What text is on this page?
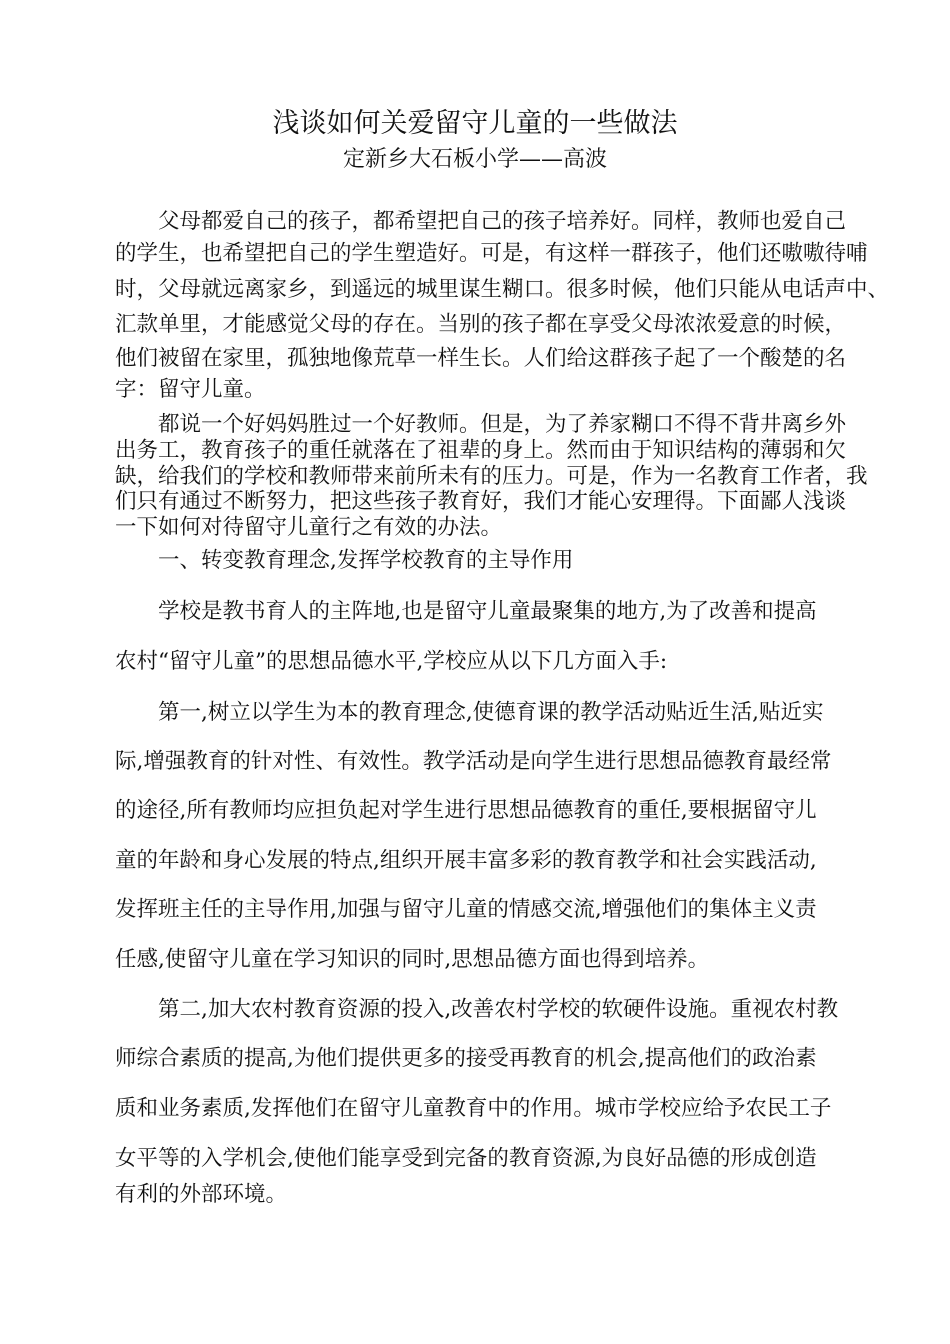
浅谈如何关爱留守儿童的一些做法
定新乡大石板小学——高波
父母都爱自己的孩子，都希望把自己的孩子培养好。同样，教师也爱自己
的学生，也希望把自己的学生塑造好。可是，有这样一群孩子，他们还嗷嗷待哺
时，父母就远离家乡，到遥远的城里谋生糊口。很多时候，他们只能从电话声中、
汇款单里，才能感觉父母的存在。当别的孩子都在享受父母浓浓爱意的时候，
他们被留在家里，孤独地像荒草一样生长。人们给这群孩子起了一个酸楚的名
字：留守儿童。
都说一个好妈妈胜过一个好教师。但是，为了养家糊口不得不背井离乡外
出务工，教育孩子的重任就落在了祖辈的身上。然而由于知识结构的薄弱和欠
缺，给我们的学校和教师带来前所未有的压力。可是，作为一名教育工作者，我
们只有通过不断努力，把这些孩子教育好，我们才能心安理得。下面鄙人浅谈
一下如何对待留守儿童行之有效的办法。
一、转变教育理念,发挥学校教育的主导作用
学校是教书育人的主阵地,也是留守儿童最聚集的地方,为了改善和提高
农村“留守儿童”的思想品德水平,学校应从以下几方面入手:
第一,树立以学生为本的教育理念,使德育课的教学活动贴近生活,贴近实
际,增强教育的针对性、有效性。教学活动是向学生进行思想品德教育最经常
的途径,所有教师均应担负起对学生进行思想品德教育的重任,要根据留守儿
童的年龄和身心发展的特点,组织开展丰富多彩的教育教学和社会实践活动,
发挥班主任的主导作用,加强与留守儿童的情感交流,增强他们的集体主义责
任感,使留守儿童在学习知识的同时,思想品德方面也得到培养。
第二,加大农村教育资源的投入,改善农村学校的软硬件设施。重视农村教
师综合素质的提高,为他们提供更多的接受再教育的机会,提高他们的政治素
质和业务素质,发挥他们在留守儿童教育中的作用。城市学校应给予农民工子
女平等的入学机会,使他们能享受到完备的教育资源,为良好品德的形成创造
有利的外部环境。
